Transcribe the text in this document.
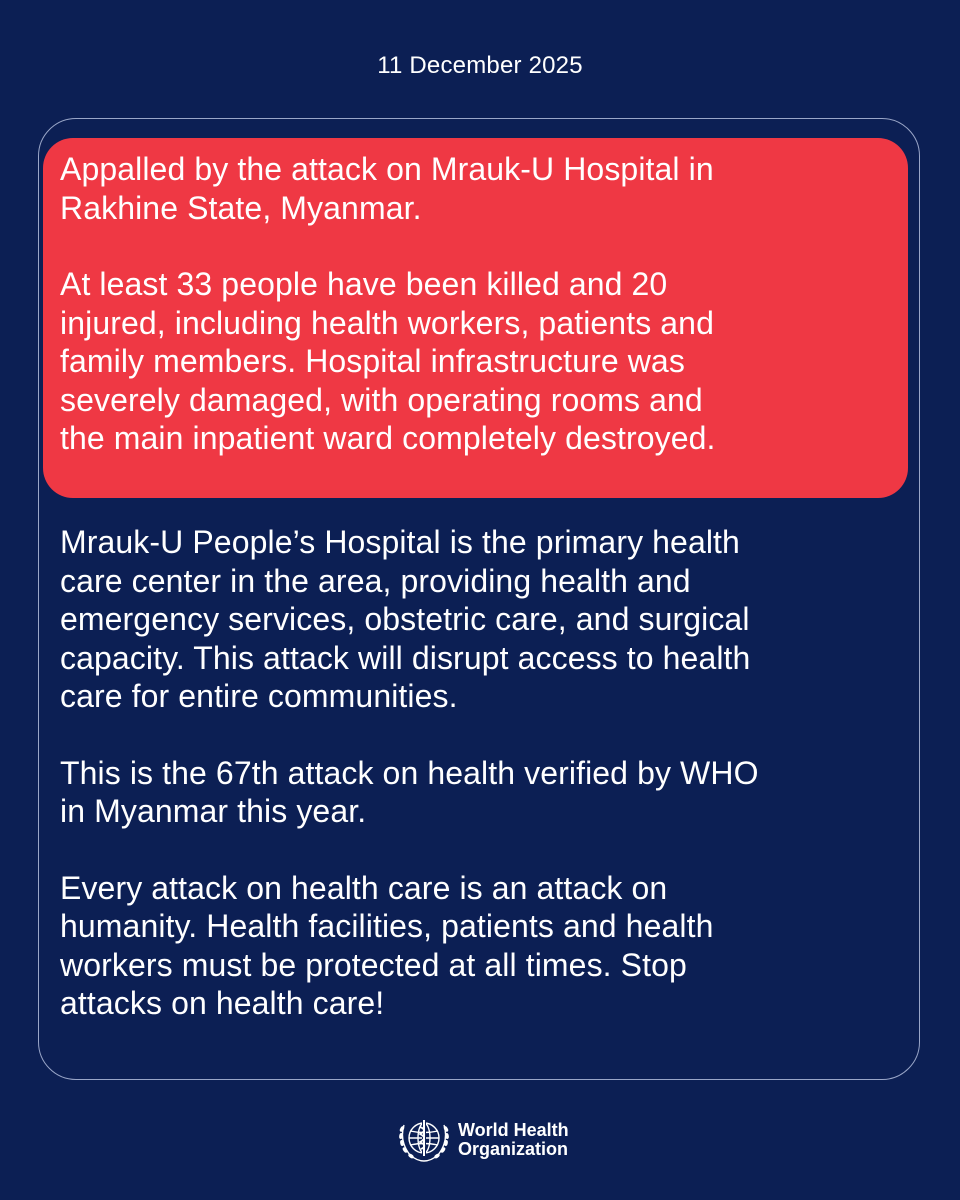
11 December 2025

Appalled by the attack on Mrauk-U Hospital in
Rakhine State, Myanmar.

At least 33 people have been killed and 20
injured, including health workers, patients and
family members. Hospital infrastructure was
severely damaged, with operating rooms and
the main inpatient ward completely destroyed.

Mrauk-U People’s Hospital is the primary health
care center in the area, providing health and
emergency services, obstetric care, and surgical
capacity. This attack will disrupt access to health
care for entire communities.

This is the 67th attack on health verified by WHO
in Myanmar this year.

Every attack on health care is an attack on
humanity. Health facilities, patients and health
workers must be protected at all times. Stop
attacks on health care!

World Health
Organization
